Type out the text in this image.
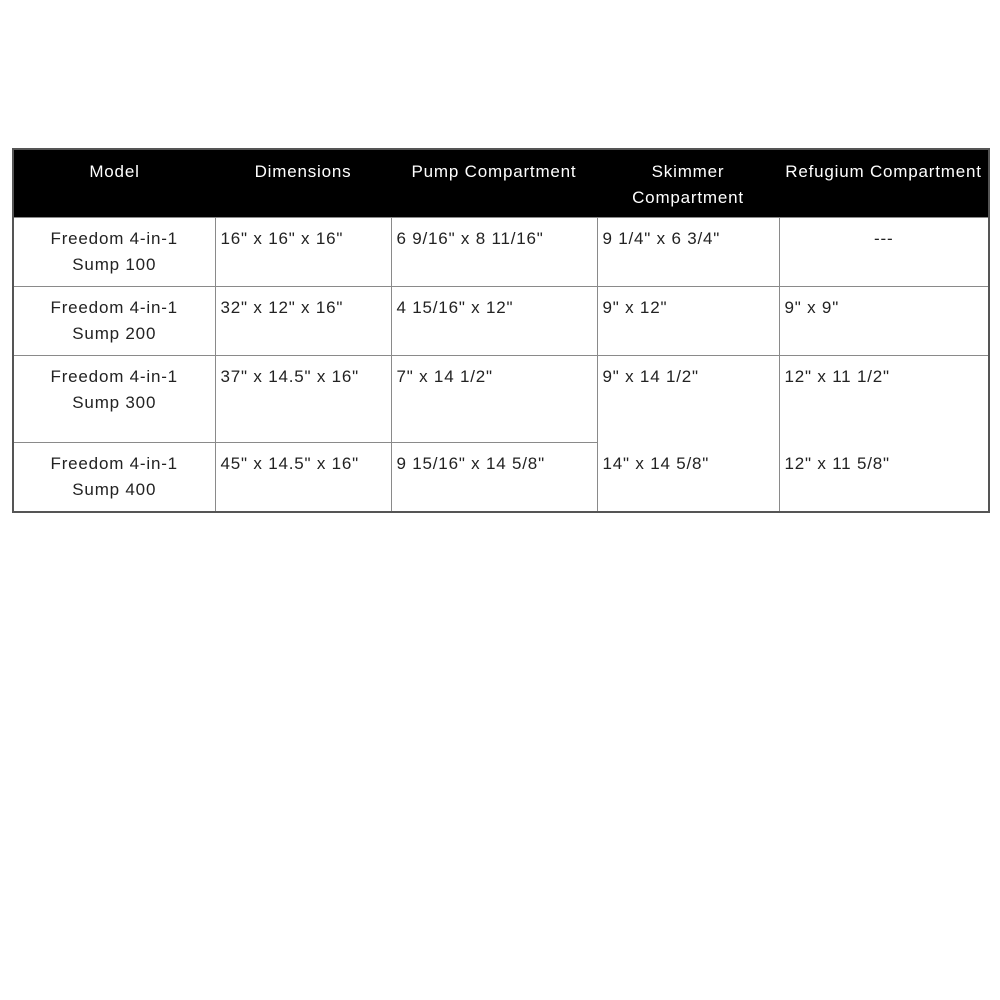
Model	Dimensions	Pump Compartment	Skimmer Compartment	Refugium Compartment
Freedom 4-in-1 Sump 100	16" x 16" x 16"	6 9/16" x 8 11/16"	9 1/4" x 6 3/4"	---
Freedom 4-in-1 Sump 200	32" x 12" x 16"	4 15/16" x 12"	9" x 12"	9" x 9"
Freedom 4-in-1 Sump 300	37" x 14.5" x 16"	7" x 14 1/2"	9" x 14 1/2"	12" x 11 1/2"
Freedom 4-in-1 Sump 400	45" x 14.5" x 16"	9 15/16" x 14 5/8"	14" x 14 5/8"	12" x 11 5/8"
